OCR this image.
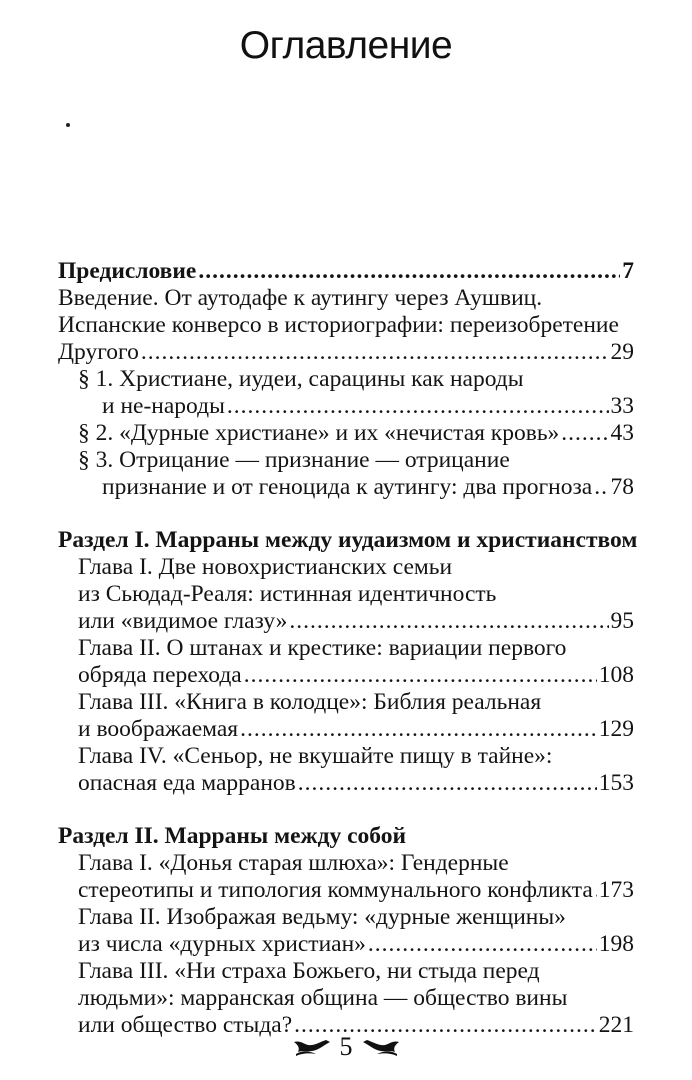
Оглавление
Предисловие .....	7
Введение. От аутодафе к аутингу через Аушвиц.
Испанские конверсо в историографии: переизобретение
Другого .....	29
§ 1. Христиане, иудеи, сарацины как народы
и не-народы .....	33
§ 2. «Дурные христиане» и их «нечистая кровь» ..... 43
§ 3. Отрицание — признание — отрицание
признание и от геноцида к аутингу: два прогноза ..... 78
Раздел I. Марраны между иудаизмом и христианством
Глава I. Две новохристианских семьи
из Сьюдад-Реаля: истинная идентичность
или «видимое глазу» .....	95
Глава II. О штанах и крестике: вариации первого
обряда перехода .....	108
Глава III. «Книга в колодце»: Библия реальная
и воображаемая .....	129
Глава IV. «Сеньор, не вкушайте пищу в тайне»:
опасная еда марранов .....	153
Раздел II. Марраны между собой
Глава I. «Донья старая шлюха»: Гендерные
стереотипы и типология коммунального конфликта ..... 173
Глава II. Изображая ведьму: «дурные женщины»
из числа «дурных христиан» .....	198
Глава III. «Ни страха Божьего, ни стыда перед
людьми»: марранская община — общество вины
или общество стыда? .....	221
5
